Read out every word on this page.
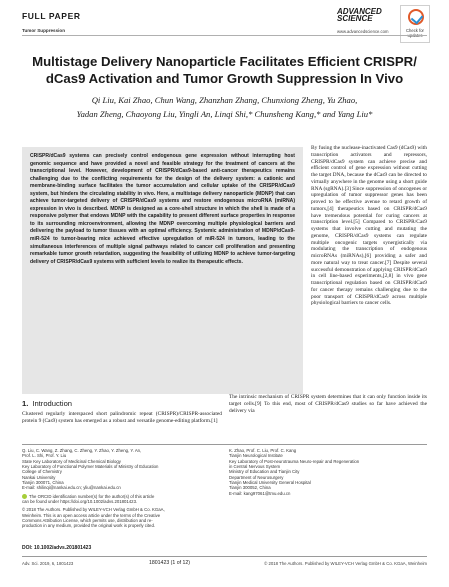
FULL PAPER
Tumor Suppression
ADVANCED
SCIENCE
www.advancedscience.com	Check for
Multistage Delivery Nanoparticle Facilitates Efficient CRISPR/ dCas9 Activation and Tumor Growth Suppression In Vivo
Qi Liu, Kai Zhao, Chun Wang, Zhanzhan Zhang, Chunxiong Zheng, Yu Zhao,
Yadan Zheng, Chaoyong Liu, Yingli An, Linqi Shi,* Chunsheng Kang,* and Yang Liu*

CRISPR/dCas9 systems can precisely control endogenous gene expression without interrupting host genomic sequence and have provided a novel and feasible strategy for the treatment of cancers at the transcriptional level. However, development of CRISPR/dCas9-based anti-cancer therapeutics remains challenging due to the conflicting requirements for the design of the delivery system: a cationic and membrane-binding surface facilitates the tumor accumulation and cellular uptake of the CRISPR/dCas9 system, but hinders the circulating stability in vivo. Here, a multistage delivery nanoparticle (MDNP) that can achieve tumor-targeted delivery of CRISPR/dCas9 systems and restore endogenous microRNA (miRNA) expression in vivo is described. MDNP is designed as a core-shell structure in which the shell is made of a responsive polymer that endows MDNP with the capability to present different surface properties in response to its surrounding microenvironment, allowing the MDNP overcoming multiple physiological barriers and delivering the payload to tumor tissues with an optimal efficiency. Systemic administration of MDNP/dCas9-miR-524 to tumor-bearing mice achieved effective upregulation of miR-524 in tumors, leading to the simultaneous interferences of multiple signal pathways related to cancer cell proliferation and presenting remarkable tumor growth retardation, suggesting the feasibility of utilizing MDNP to achieve tumor-targeting delivery of CRISPR/dCas9 systems with sufficient levels to realize its therapeutic effects.

By fusing the nuclease-inactivated Cas9 (dCas9) with transcription activators and repressors, CRISPR/dCas9 system can achieve precise and efficient control of gene expression without cutting the target DNA, because the dCas9 can be directed to virtually anywhere in the genome using a short guide RNA (sgRNA).[3] Since suppression of oncogenes or upregulation of tumor suppressor genes has been proved to be effective avenue to retard growth of tumors,[4] therapeutics based on CRISPR/dCas9 have tremendous potential for curing cancers at transcription level.[5] Compared to CRISPR/Cas9 systems that involve cutting and mutating the genome, CRISPR/dCas9 systems can regulate multiple oncogenic targets synergistically via modulating the transcription of endogenous microRNAs (miRNAs),[6] providing a safer and more natural way to treat cancer.[7] Despite several successful demonstration of applying CRISPR/dCas9 in cell line-based experiments,[2,8] in vivo gene transcriptional regulation based on CRISPR/dCas9 for cancer therapy remains challenging due to the poor transport of CRISPR/dCas9 across multiple physiological barriers to cancer cells.

1. Introduction

Clustered regularly interspaced short palindromic repeat (CRISPR)/CRISPR-associated protein 9 (Cas9) system has emerged as a robust and versatile genome-editing platform.[1]

The intrinsic mechanism of CRISPR system determines that it can only function inside its target cells.[9] To this end, most of CRISPR/dCas9 studies so far have achieved the delivery via

Q. Liu, C. Wang, Z. Zhang, C. Zheng, Y. Zhao, Y. Zheng, Y. An,
Prof. L. Shi, Prof. Y. Liu
State Key Laboratory of Medicinal Chemical Biology
Key Laboratory of Functional Polymer Materials of Ministry of Education
College of Chemistry
Nankai University
Tianjin 300071, China
E-mail: shilinqi@nankai.edu.cn; yliu@nankai.edu.cn
The ORCID identification number(s) for the author(s) of this article
can be found under https://doi.org/10.1002/advs.201801423.
© 2018 The Authors. Published by WILEY-VCH Verlag GmbH & Co. KGaA,
Weinheim. This is an open access article under the terms of the Creative
Commons Attribution License, which permits use, distribution and re-
production in any medium, provided the original work is properly cited.
DOI: 10.1002/advs.201801423
K. Zhao, Prof. C. Liu, Prof. C. Kang
Tianjin Neurological Institute
Key Laboratory of Post-neurotrauma Neuro-repair and Regeneration
in Central Nervous System
Ministry of Education and Tianjin City
Department of Neurosurgery
Tianjin Medical University General Hospital
Tianjin 300052, China
E-mail: kang97061@tmu.edu.cn
Adv. Sci. 2019, 6, 1801423	1801423 (1 of 12)	© 2018 The Authors. Published by WILEY-VCH Verlag GmbH & Co. KGaA, Weinheim
